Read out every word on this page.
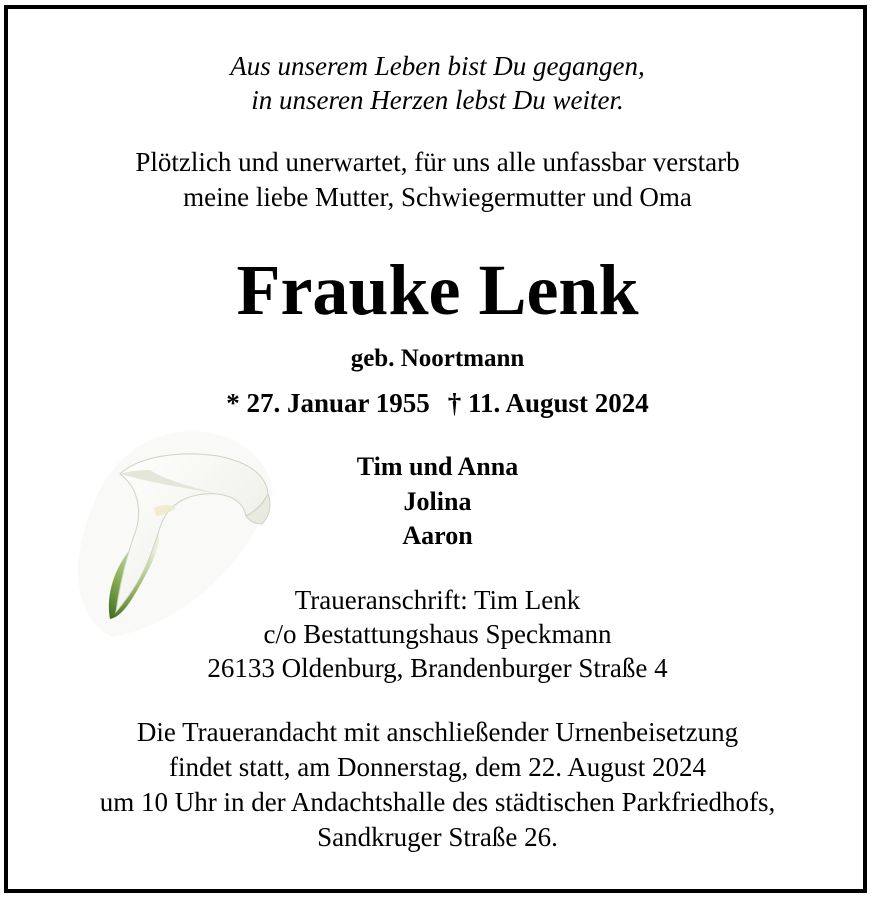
Aus unserem Leben bist Du gegangen,
in unseren Herzen lebst Du weiter.
Plötzlich und unerwartet, für uns alle unfassbar verstarb
meine liebe Mutter, Schwiegermutter und Oma
Frauke Lenk
geb. Noortmann
* 27. Januar 1955 † 11. August 2024
Tim und Anna
Jolina
Aaron
Traueranschrift: Tim Lenk
c/o Bestattungshaus Speckmann
26133 Oldenburg, Brandenburger Straße 4
Die Trauerandacht mit anschließender Urnenbeisetzung
findet statt, am Donnerstag, dem 22. August 2024
um 10 Uhr in der Andachtshalle des städtischen Parkfriedhofs,
Sandkruger Straße 26.
